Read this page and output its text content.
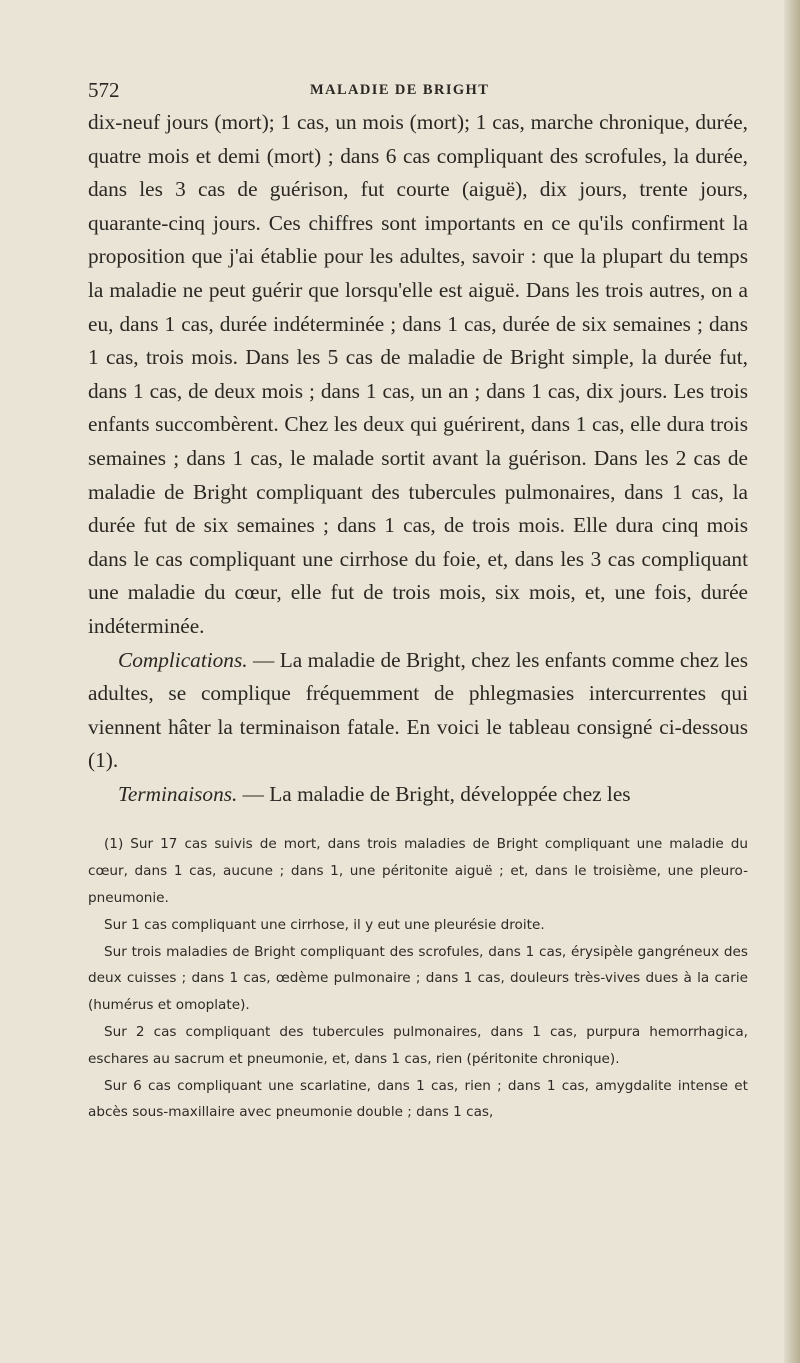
572	MALADIE DE BRIGHT

dix-neuf jours (mort); 1 cas, un mois (mort); 1 cas, marche chronique, durée, quatre mois et demi (mort) ; dans 6 cas compliquant des scrofules, la durée, dans les 3 cas de guérison, fut courte (aiguë), dix jours, trente jours, quarante-cinq jours. Ces chiffres sont importants en ce qu'ils confirment la proposition que j'ai établie pour les adultes, savoir : que la plupart du temps la maladie ne peut guérir que lorsqu'elle est aiguë. Dans les trois autres, on a eu, dans 1 cas, durée indéterminée ; dans 1 cas, durée de six semaines ; dans 1 cas, trois mois. Dans les 5 cas de maladie de Bright simple, la durée fut, dans 1 cas, de deux mois ; dans 1 cas, un an ; dans 1 cas, dix jours. Les trois enfants succombèrent. Chez les deux qui guérirent, dans 1 cas, elle dura trois semaines ; dans 1 cas, le malade sortit avant la guérison. Dans les 2 cas de maladie de Bright compliquant des tubercules pulmonaires, dans 1 cas, la durée fut de six semaines ; dans 1 cas, de trois mois. Elle dura cinq mois dans le cas compliquant une cirrhose du foie, et, dans les 3 cas compliquant une maladie du cœur, elle fut de trois mois, six mois, et, une fois, durée indéterminée.

Complications. — La maladie de Bright, chez les enfants comme chez les adultes, se complique fréquemment de phlegmasies intercurrentes qui viennent hâter la terminaison fatale. En voici le tableau consigné ci-dessous (1).

Terminaisons. — La maladie de Bright, développée chez les

(1) Sur 17 cas suivis de mort, dans trois maladies de Bright compliquant une maladie du cœur, dans 1 cas, aucune ; dans 1, une péritonite aiguë ; et, dans le troisième, une pleuro-pneumonie.

Sur 1 cas compliquant une cirrhose, il y eut une pleurésie droite.

Sur trois maladies de Bright compliquant des scrofules, dans 1 cas, érysipèle gangréneux des deux cuisses ; dans 1 cas, œdème pulmonaire ; dans 1 cas, douleurs très-vives dues à la carie (humérus et omoplate).

Sur 2 cas compliquant des tubercules pulmonaires, dans 1 cas, purpura hemorrhagica, eschares au sacrum et pneumonie, et, dans 1 cas, rien (péritonite chronique).

Sur 6 cas compliquant une scarlatine, dans 1 cas, rien ; dans 1 cas, amygdalite intense et abcès sous-maxillaire avec pneumonie double ; dans 1 cas,
